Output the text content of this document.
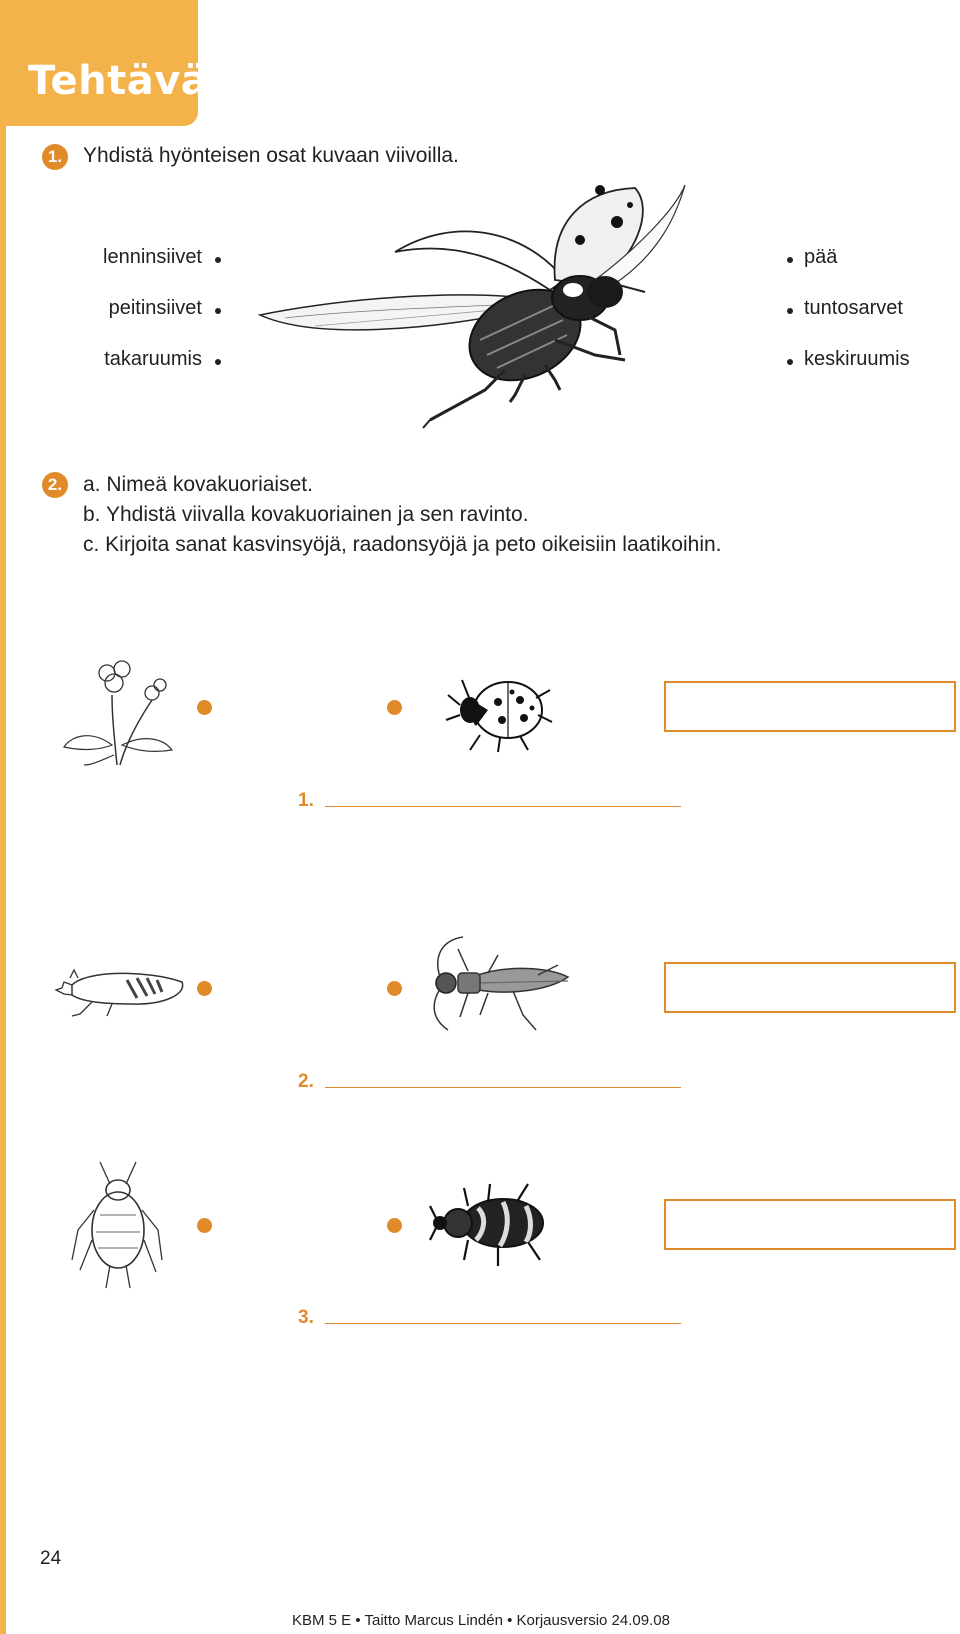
Tehtävät
1. Yhdistä hyönteisen osat kuvaan viivoilla.
lenninsiivet
peitinsiivet
takaruumis
pää
tuntosarvet
keskiruumis
2. a. Nimeä kovakuoriaiset.
b. Yhdistä viivalla kovakuoriainen ja sen ravinto.
c. Kirjoita sanat kasvinsyöjä, raadonsyöjä ja peto oikeisiin laatikoihin.
1.
2.
3.
24
KBM 5 E • Taitto Marcus Lindén • Korjausversio 24.09.08
